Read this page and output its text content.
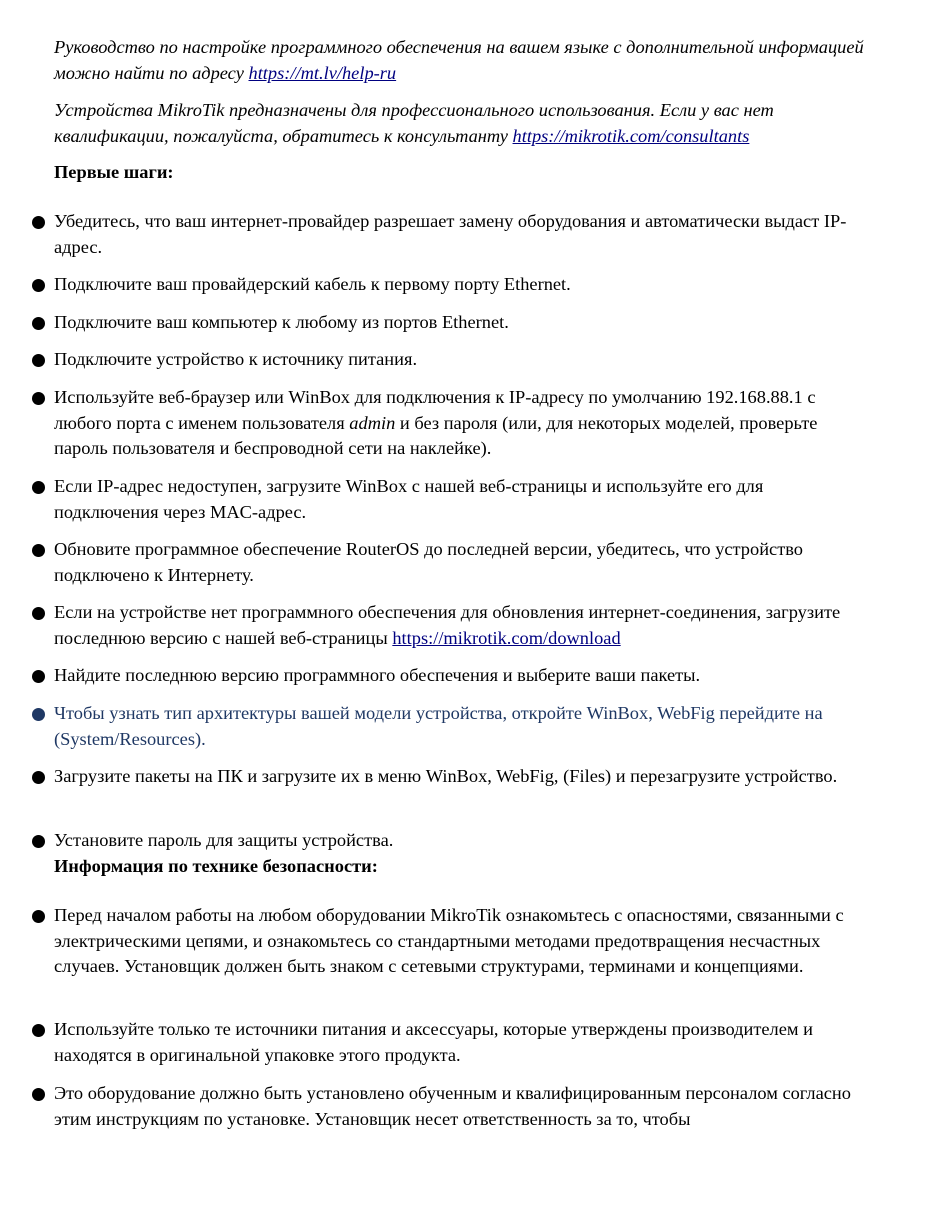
Руководство по настройке программного обеспечения на вашем языке с дополнительной информацией можно найти по адресу https://mt.lv/help-ru

Устройства MikroTik предназначены для профессионального использования. Если у вас нет квалификации, пожалуйста, обратитесь к консультанту https://mikrotik.com/consultants

Первые шаги:
Убедитесь, что ваш интернет-провайдер разрешает замену оборудования и автоматически выдаст IP-адрес.
Подключите ваш провайдерский кабель к первому порту Ethernet.
Подключите ваш компьютер к любому из портов Ethernet.
Подключите устройство к источнику питания.
Используйте веб-браузер или WinBox для подключения к IP-адресу по умолчанию 192.168.88.1 с любого порта с именем пользователя admin и без пароля (или, для некоторых моделей, проверьте пароль пользователя и беспроводной сети на наклейке).
Если IP-адрес недоступен, загрузите WinBox с нашей веб-страницы и используйте его для подключения через MAC-адрес.
Обновите программное обеспечение RouterOS до последней версии, убедитесь, что устройство подключено к Интернету.
Если на устройстве нет программного обеспечения для обновления интернет-соединения, загрузите последнюю версию с нашей веб-страницы https://mikrotik.com/download
Найдите последнюю версию программного обеспечения и выберите ваши пакеты.
Чтобы узнать тип архитектуры вашей модели устройства, откройте WinBox, WebFig перейдите на (System/Resources).
Загрузите пакеты на ПК и загрузите их в меню WinBox, WebFig, (Files) и перезагрузите устройство.
Установите пароль для защиты устройства.
Информация по технике безопасности:
Перед началом работы на любом оборудовании MikroTik ознакомьтесь с опасностями, связанными с электрическими цепями, и ознакомьтесь со стандартными методами предотвращения несчастных случаев. Установщик должен быть знаком с сетевыми структурами, терминами и концепциями.
Используйте только те источники питания и аксессуары, которые утверждены производителем и находятся в оригинальной упаковке этого продукта.
Это оборудование должно быть установлено обученным и квалифицированным персоналом согласно этим инструкциям по установке. Установщик несет ответственность за то, чтобы
